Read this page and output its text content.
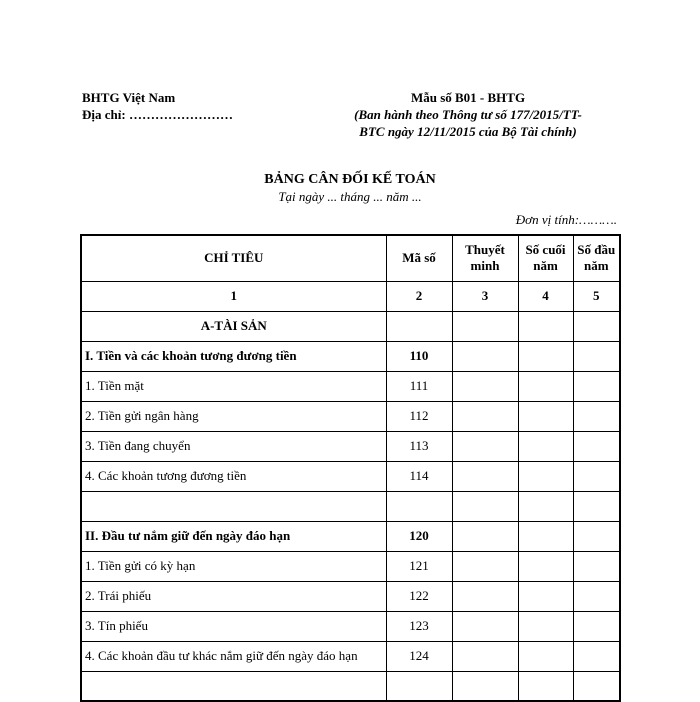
BHTG Việt Nam
Địa chỉ: ……………………
Mẫu số B01 - BHTG
(Ban hành theo Thông tư số 177/2015/TT-
BTC ngày 12/11/2015 của Bộ Tài chính)
BẢNG CÂN ĐỐI KẾ TOÁN
Tại ngày ... tháng ... năm ...
Đơn vị tính:……….
CHỈ TIÊU	Mã số	Thuyết minh	Số cuối năm	Số đầu năm
1	2	3	4	5
A-TÀI SẢN				
I. Tiền và các khoản tương đương tiền	110			
1. Tiền mặt	111			
2. Tiền gửi ngân hàng	112			
3. Tiền đang chuyển	113			
4. Các khoản tương đương tiền	114			

II. Đầu tư nắm giữ đến ngày đáo hạn	120			
1. Tiền gửi có kỳ hạn	121			
2. Trái phiếu	122			
3. Tín phiếu	123			
4. Các khoản đầu tư khác nắm giữ đến ngày đáo hạn	124			
